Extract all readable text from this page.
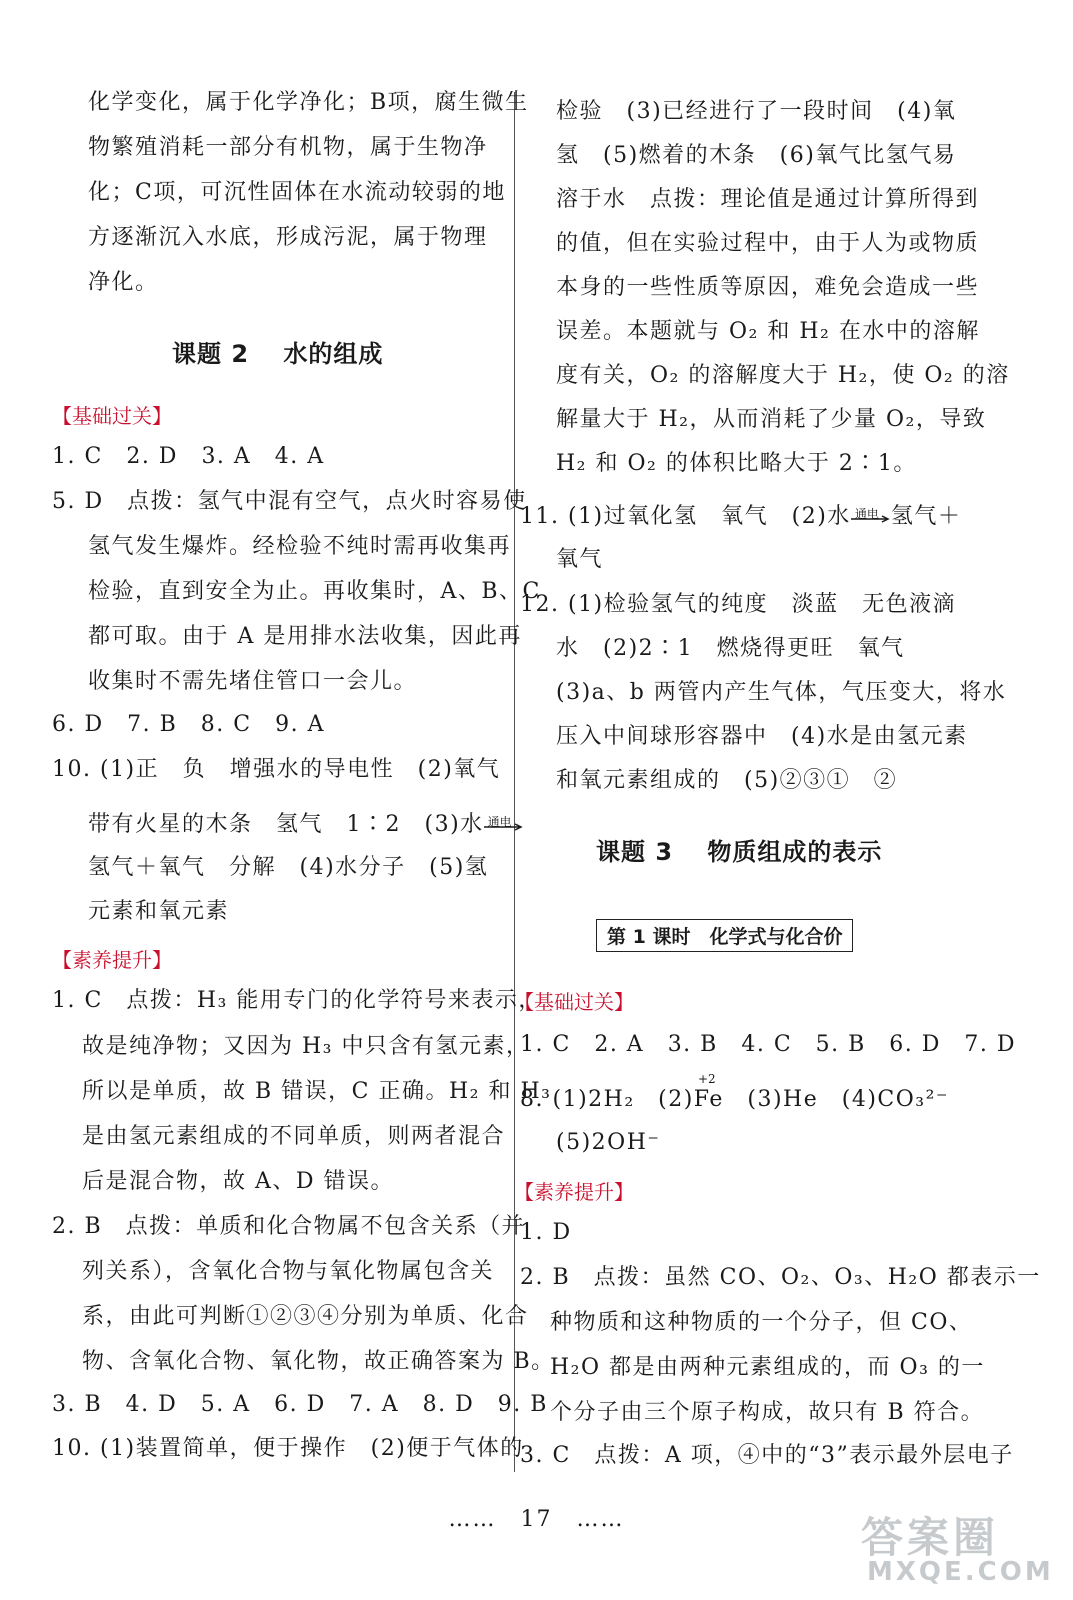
化学变化，属于化学净化；B项，腐生微生
物繁殖消耗一部分有机物，属于生物净
化；C项，可沉性固体在水流动较弱的地
方逐渐沉入水底，形成污泥，属于物理
净化。
课题 2　 水的组成
【基础过关】
1. C　2. D　3. A　4. A
5. D　点拨：氢气中混有空气，点火时容易使
氢气发生爆炸。经检验不纯时需再收集再
检验，直到安全为止。再收集时，A、B、C
都可取。由于 A 是用排水法收集，因此再
收集时不需先堵住管口一会儿。
6. D　7. B　8. C　9. A
10. (1)正　负　增强水的导电性　(2)氧气
带有火星的木条　氢气　1∶2　(3)水 通电
氢气＋氧气　分解　(4)水分子　(5)氢
元素和氧元素
【素养提升】
1. C　点拨：H₃ 能用专门的化学符号来表示，
故是纯净物；又因为 H₃ 中只含有氢元素，
所以是单质，故 B 错误，C 正确。H₂ 和 H₃
是由氢元素组成的不同单质，则两者混合
后是混合物，故 A、D 错误。
2. B　点拨：单质和化合物属不包含关系（并
列关系），含氧化合物与氧化物属包含关
系，由此可判断①②③④分别为单质、化合
物、含氧化合物、氧化物，故正确答案为 B。
3. B　4. D　5. A　6. D　7. A　8. D　9. B
10. (1)装置简单，便于操作　(2)便于气体的
检验　(3)已经进行了一段时间　(4)氧
氢　(5)燃着的木条　(6)氧气比氢气易
溶于水　点拨：理论值是通过计算所得到
的值，但在实验过程中，由于人为或物质
本身的一些性质等原因，难免会造成一些
误差。本题就与 O₂ 和 H₂ 在水中的溶解
度有关，O₂ 的溶解度大于 H₂，使 O₂ 的溶
解量大于 H₂，从而消耗了少量 O₂，导致
H₂ 和 O₂ 的体积比略大于 2∶1。
11. (1)过氧化氢　氧气　(2)水 通电 氢气＋
氧气
12. (1)检验氢气的纯度　淡蓝　无色液滴
水　(2)2∶1　燃烧得更旺　氧气
(3)a、b 两管内产生气体，气压变大，将水
压入中间球形容器中　(4)水是由氢元素
和氧元素组成的　(5)②③①　②
课题 3　 物质组成的表示
第 1 课时　化学式与化合价
【基础过关】
1. C　2. A　3. B　4. C　5. B　6. D　7. D
8. (1)2H₂　(2)Fe　(3)He　(4)CO₃²⁻
+2
(5)2OH⁻
【素养提升】
1. D
2. B　点拨：虽然 CO、O₂、O₃、H₂O 都表示一
种物质和这种物质的一个分子，但 CO、
H₂O 都是由两种元素组成的，而 O₃ 的一
个分子由三个原子构成，故只有 B 符合。
3. C　点拨：A 项，④中的“3”表示最外层电子
……　17　……	答案圈
MXQE.COM
